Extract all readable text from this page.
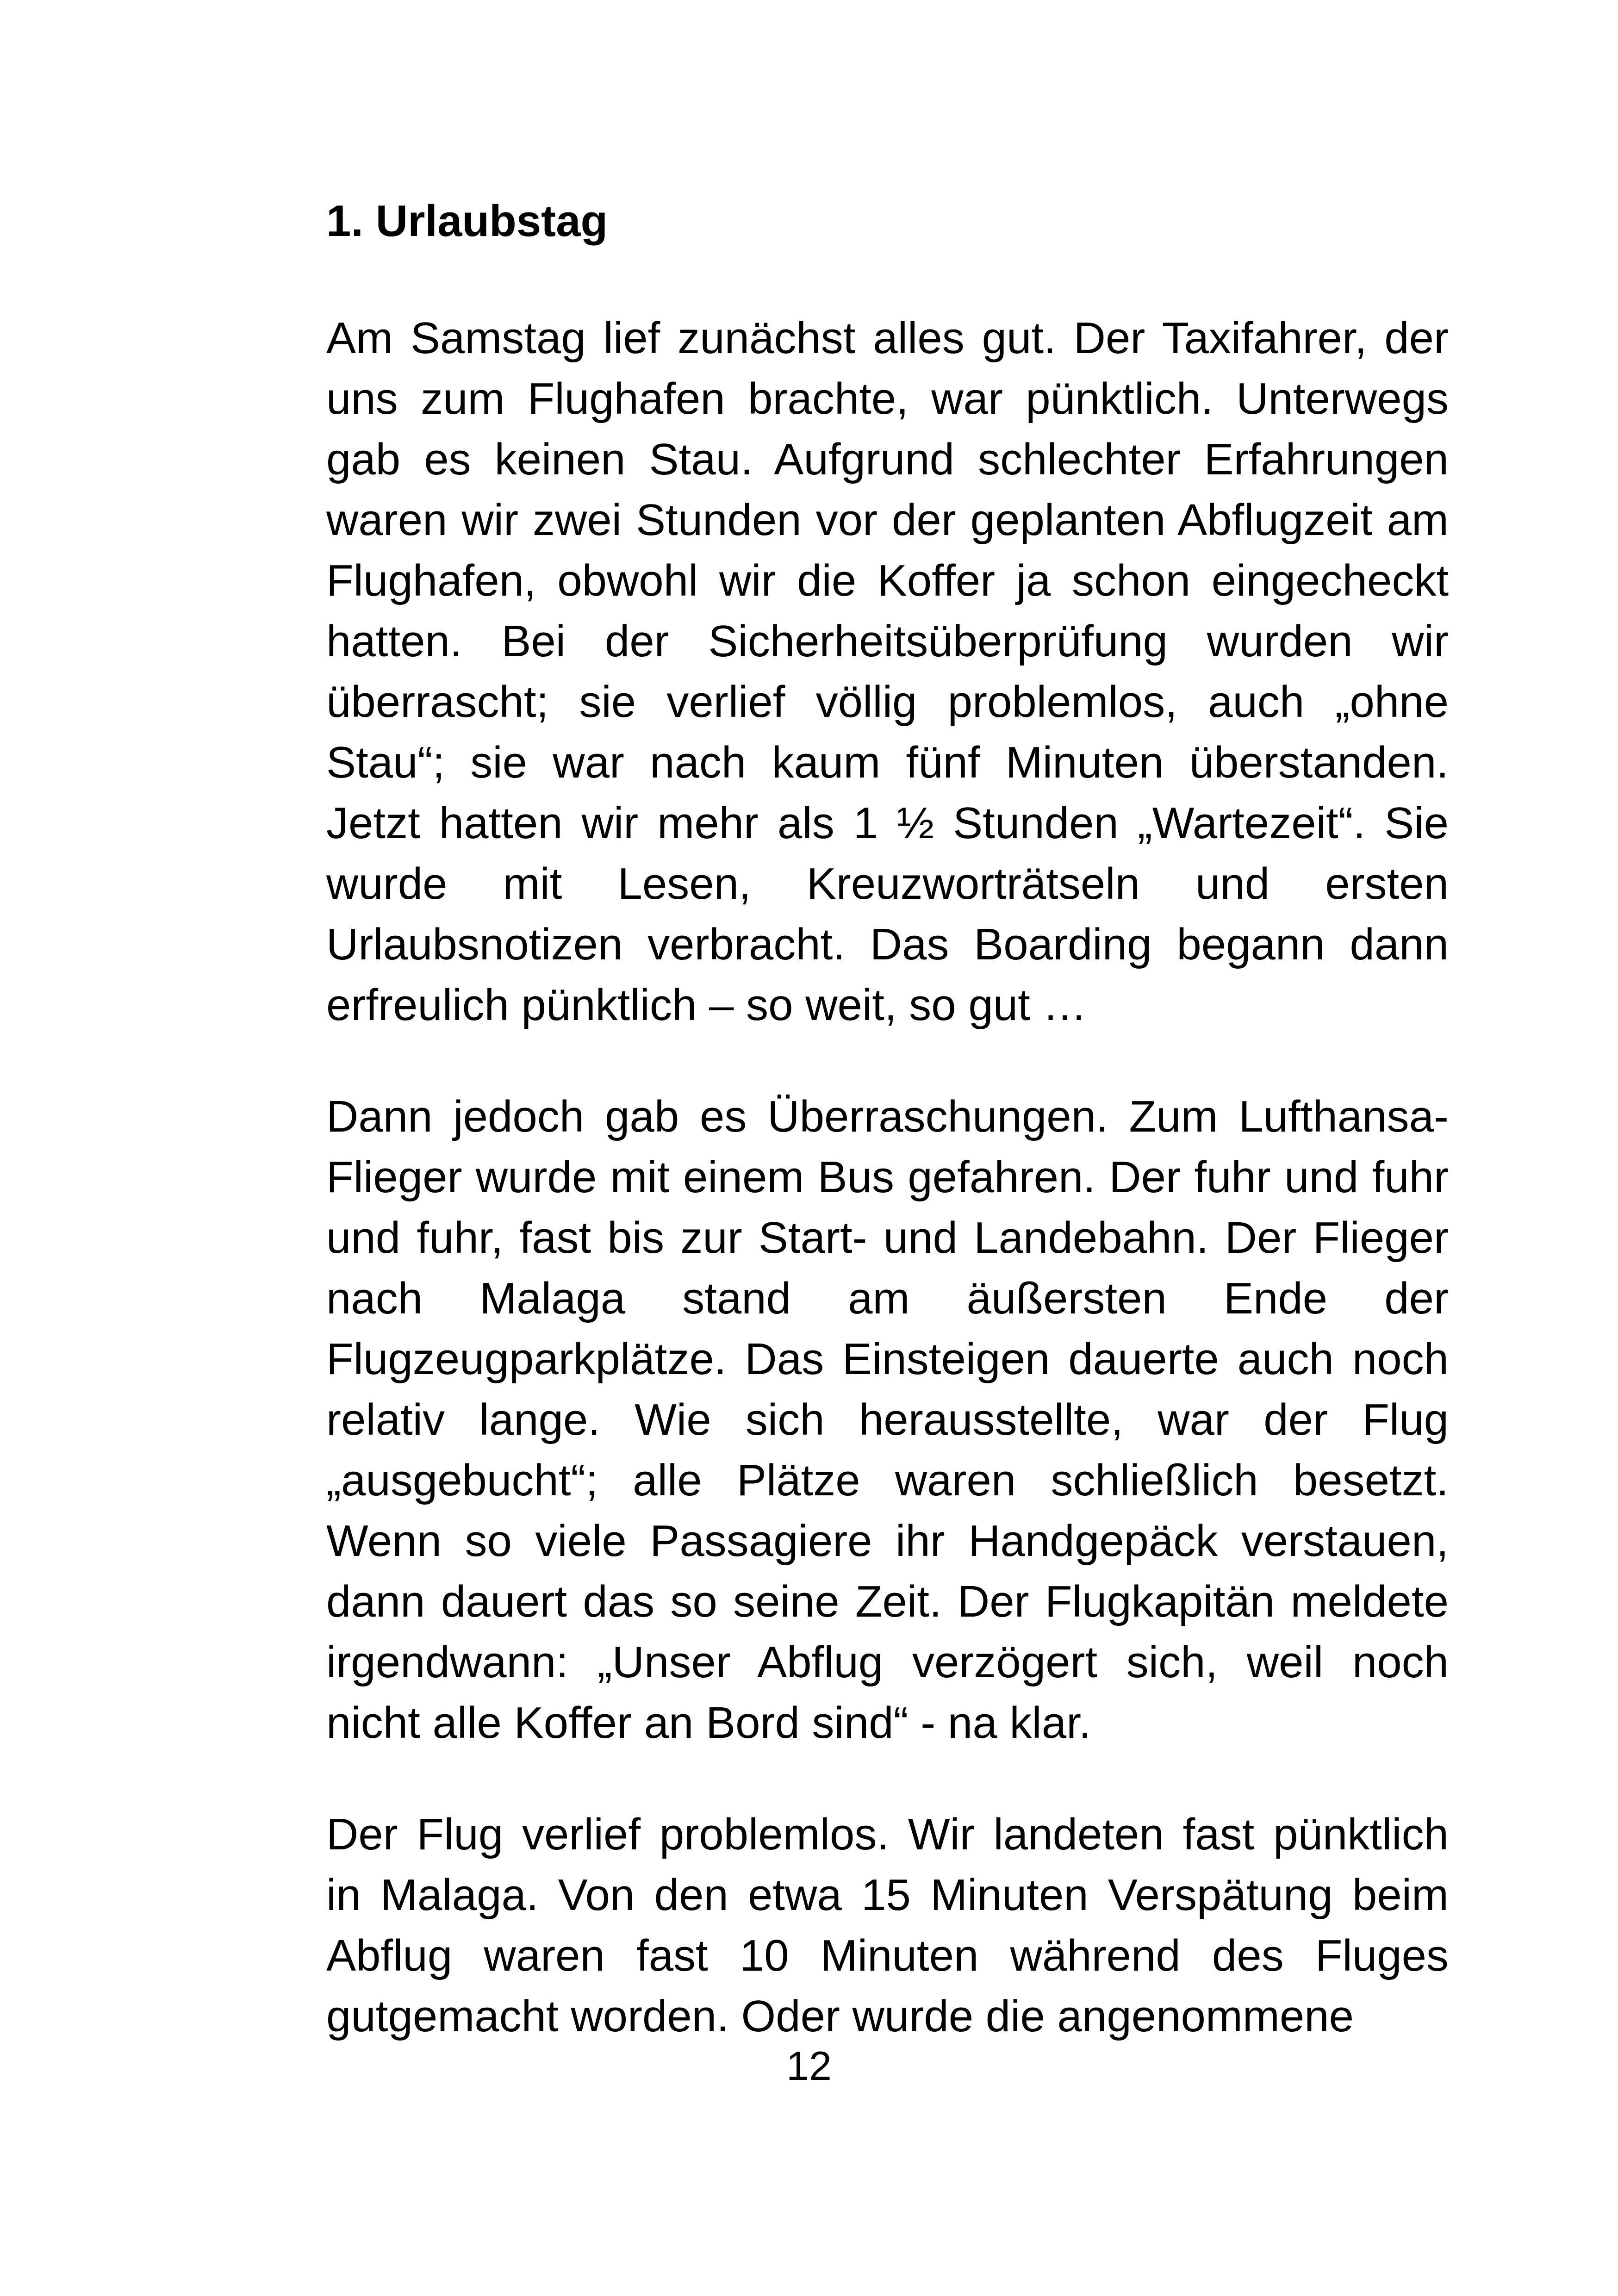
1. Urlaubstag

Am Samstag lief zunächst alles gut. Der Taxifahrer, der uns zum Flughafen brachte, war pünktlich. Unterwegs gab es keinen Stau. Aufgrund schlechter Erfahrungen waren wir zwei Stunden vor der geplanten Abflugzeit am Flughafen, obwohl wir die Koffer ja schon eingecheckt hatten. Bei der Sicherheitsüberprüfung wurden wir überrascht; sie verlief völlig problemlos, auch „ohne Stau“; sie war nach kaum fünf Minuten überstanden. Jetzt hatten wir mehr als 1 ½ Stunden „Wartezeit“. Sie wurde mit Lesen, Kreuzworträtseln und ersten Urlaubsnotizen verbracht. Das Boarding begann dann erfreulich pünktlich – so weit, so gut …

Dann jedoch gab es Überraschungen. Zum Lufthansa-Flieger wurde mit einem Bus gefahren. Der fuhr und fuhr und fuhr, fast bis zur Start- und Landebahn. Der Flieger nach Malaga stand am äußersten Ende der Flugzeugparkplätze. Das Einsteigen dauerte auch noch relativ lange. Wie sich herausstellte, war der Flug „ausgebucht“; alle Plätze waren schließlich besetzt. Wenn so viele Passagiere ihr Handgepäck verstauen, dann dauert das so seine Zeit. Der Flugkapitän meldete irgendwann: „Unser Abflug verzögert sich, weil noch nicht alle Koffer an Bord sind“ - na klar.

Der Flug verlief problemlos. Wir landeten fast pünktlich in Malaga. Von den etwa 15 Minuten Verspätung beim Abflug waren fast 10 Minuten während des Fluges gutgemacht worden. Oder wurde die angenommene

12
